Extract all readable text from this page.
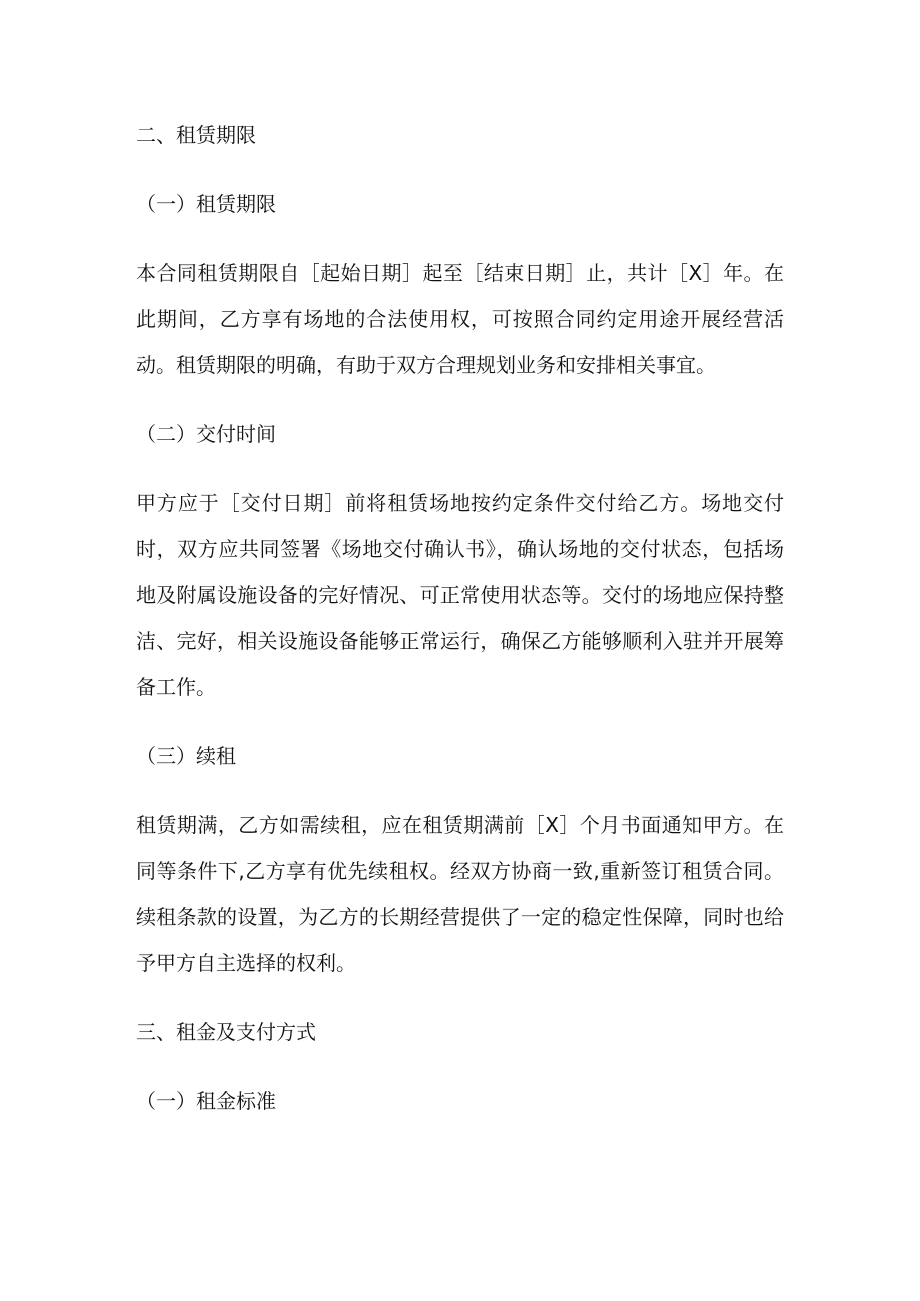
二、租赁期限
（一）租赁期限
本合同租赁期限自［起始日期］起至［结束日期］止，共计［X］年。在
此期间，乙方享有场地的合法使用权，可按照合同约定用途开展经营活
动。租赁期限的明确，有助于双方合理规划业务和安排相关事宜。
（二）交付时间
甲方应于［交付日期］前将租赁场地按约定条件交付给乙方。场地交付
时，双方应共同签署《场地交付确认书》，确认场地的交付状态，包括场
地及附属设施设备的完好情况、可正常使用状态等。交付的场地应保持整
洁、完好，相关设施设备能够正常运行，确保乙方能够顺利入驻并开展筹
备工作。
（三）续租
租赁期满，乙方如需续租，应在租赁期满前［X］个月书面通知甲方。在
同等条件下,乙方享有优先续租权。经双方协商一致,重新签订租赁合同。
续租条款的设置，为乙方的长期经营提供了一定的稳定性保障，同时也给
予甲方自主选择的权利。
三、租金及支付方式
（一）租金标准
